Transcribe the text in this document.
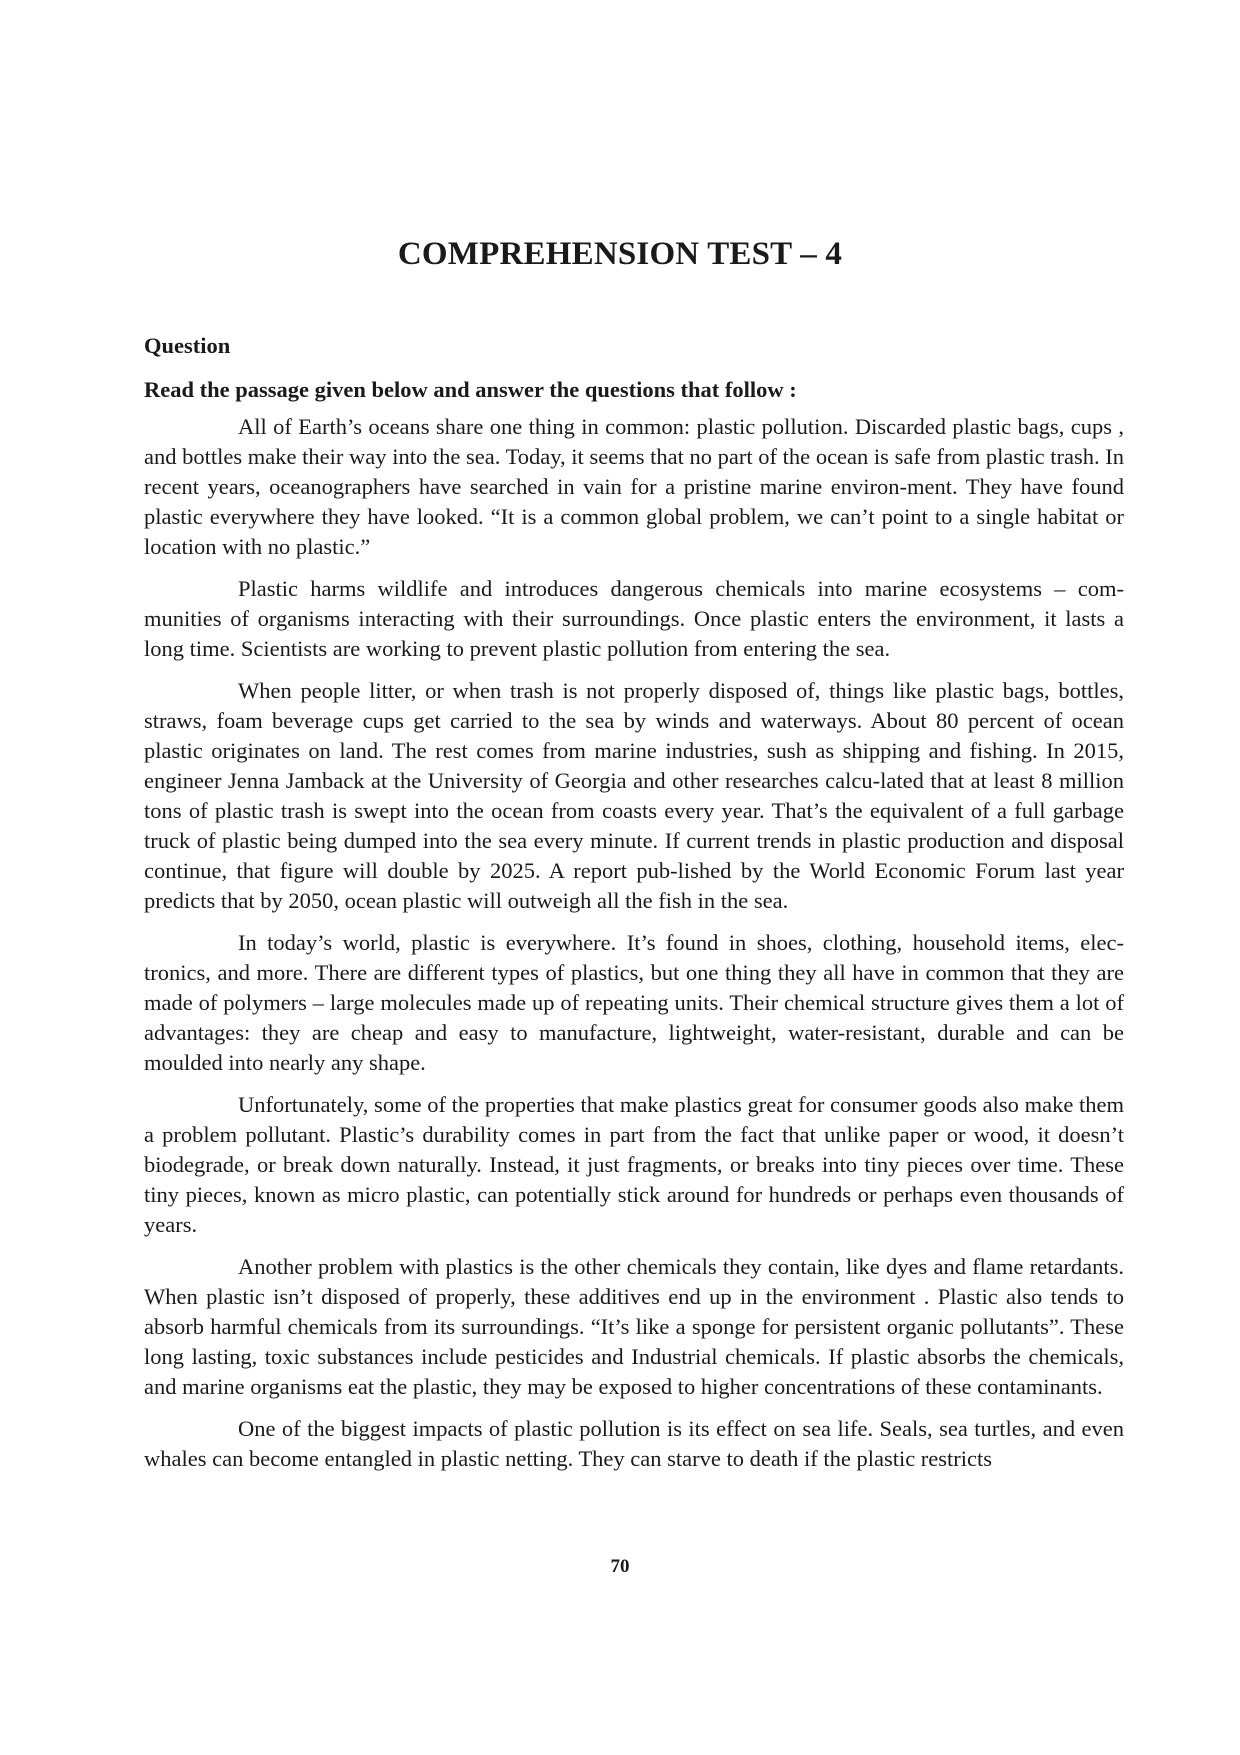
COMPREHENSION TEST – 4

Question

Read the passage given below and answer the questions that follow :

All of Earth’s oceans share one thing in common: plastic pollution. Discarded plastic bags, cups , and bottles make their way into the sea. Today, it seems that no part of the ocean is safe from plastic trash. In recent years, oceanographers have searched in vain for a pristine marine environ-ment. They have found plastic everywhere they have looked. “It is a common global problem, we can’t point to a single habitat or location with no plastic.”

Plastic harms wildlife and introduces dangerous chemicals into marine ecosystems – com-munities of organisms interacting with their surroundings. Once plastic enters the environment, it lasts a long time. Scientists are working to prevent plastic pollution from entering the sea.

When people litter, or when trash is not properly disposed of, things like plastic bags, bottles, straws, foam beverage cups get carried to the sea by winds and waterways. About 80 percent of ocean plastic originates on land. The rest comes from marine industries, sush as shipping and fishing. In 2015, engineer Jenna Jamback at the University of Georgia and other researches calcu-lated that at least 8 million tons of plastic trash is swept into the ocean from coasts every year. That’s the equivalent of a full garbage truck of plastic being dumped into the sea every minute. If current trends in plastic production and disposal continue, that figure will double by 2025. A report pub-lished by the World Economic Forum last year predicts that by 2050, ocean plastic will outweigh all the fish in the sea.

In today’s world, plastic is everywhere. It’s found in shoes, clothing, household items, elec-tronics, and more. There are different types of plastics, but one thing they all have in common that they are made of polymers – large molecules made up of repeating units. Their chemical structure gives them a lot of advantages: they are cheap and easy to manufacture, lightweight, water-resistant, durable and can be moulded into nearly any shape.

Unfortunately, some of the properties that make plastics great for consumer goods also make them a problem pollutant. Plastic’s durability comes in part from the fact that unlike paper or wood, it doesn’t biodegrade, or break down naturally. Instead, it just fragments, or breaks into tiny pieces over time. These tiny pieces, known as micro plastic, can potentially stick around for hundreds or perhaps even thousands of years.

Another problem with plastics is the other chemicals they contain, like dyes and flame retardants. When plastic isn’t disposed of properly, these additives end up in the environment . Plastic also tends to absorb harmful chemicals from its surroundings. “It’s like a sponge for persistent organic pollutants”. These long lasting, toxic substances include pesticides and Industrial chemicals. If plastic absorbs the chemicals, and marine organisms eat the plastic, they may be exposed to higher concentrations of these contaminants.

One of the biggest impacts of plastic pollution is its effect on sea life. Seals, sea turtles, and even whales can become entangled in plastic netting. They can starve to death if the plastic restricts

70
